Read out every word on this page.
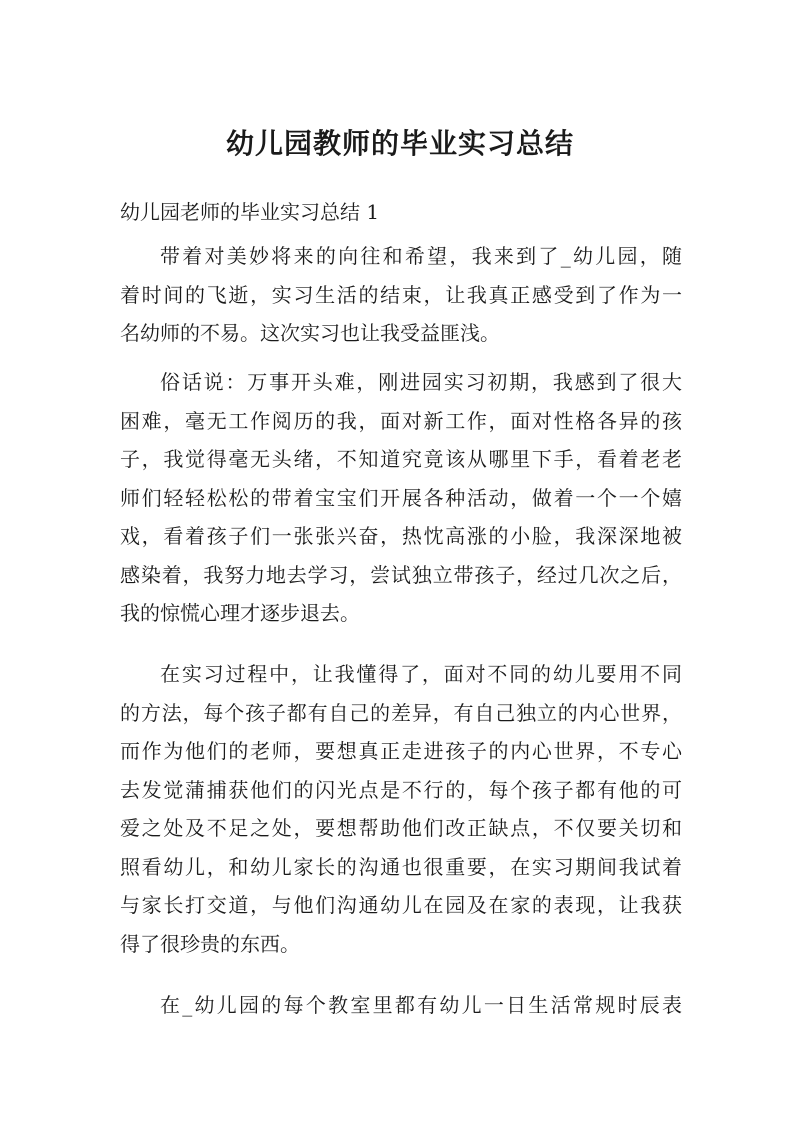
幼儿园教师的毕业实习总结
幼儿园老师的毕业实习总结 1
带着对美妙将来的向往和希望，我来到了_幼儿园，随
着时间的飞逝，实习生活的结束，让我真正感受到了作为一
名幼师的不易。这次实习也让我受益匪浅。
俗话说：万事开头难，刚进园实习初期，我感到了很大
困难，毫无工作阅历的我，面对新工作，面对性格各异的孩
子，我觉得毫无头绪，不知道究竟该从哪里下手，看着老老
师们轻轻松松的带着宝宝们开展各种活动，做着一个一个嬉
戏，看着孩子们一张张兴奋，热忱高涨的小脸，我深深地被
感染着，我努力地去学习，尝试独立带孩子，经过几次之后，
我的惊慌心理才逐步退去。
在实习过程中，让我懂得了，面对不同的幼儿要用不同
的方法，每个孩子都有自己的差异，有自己独立的内心世界，
而作为他们的老师，要想真正走进孩子的内心世界，不专心
去发觉蒲捕获他们的闪光点是不行的，每个孩子都有他的可
爱之处及不足之处，要想帮助他们改正缺点，不仅要关切和
照看幼儿，和幼儿家长的沟通也很重要，在实习期间我试着
与家长打交道，与他们沟通幼儿在园及在家的表现，让我获
得了很珍贵的东西。
在_幼儿园的每个教室里都有幼儿一日生活常规时辰表
